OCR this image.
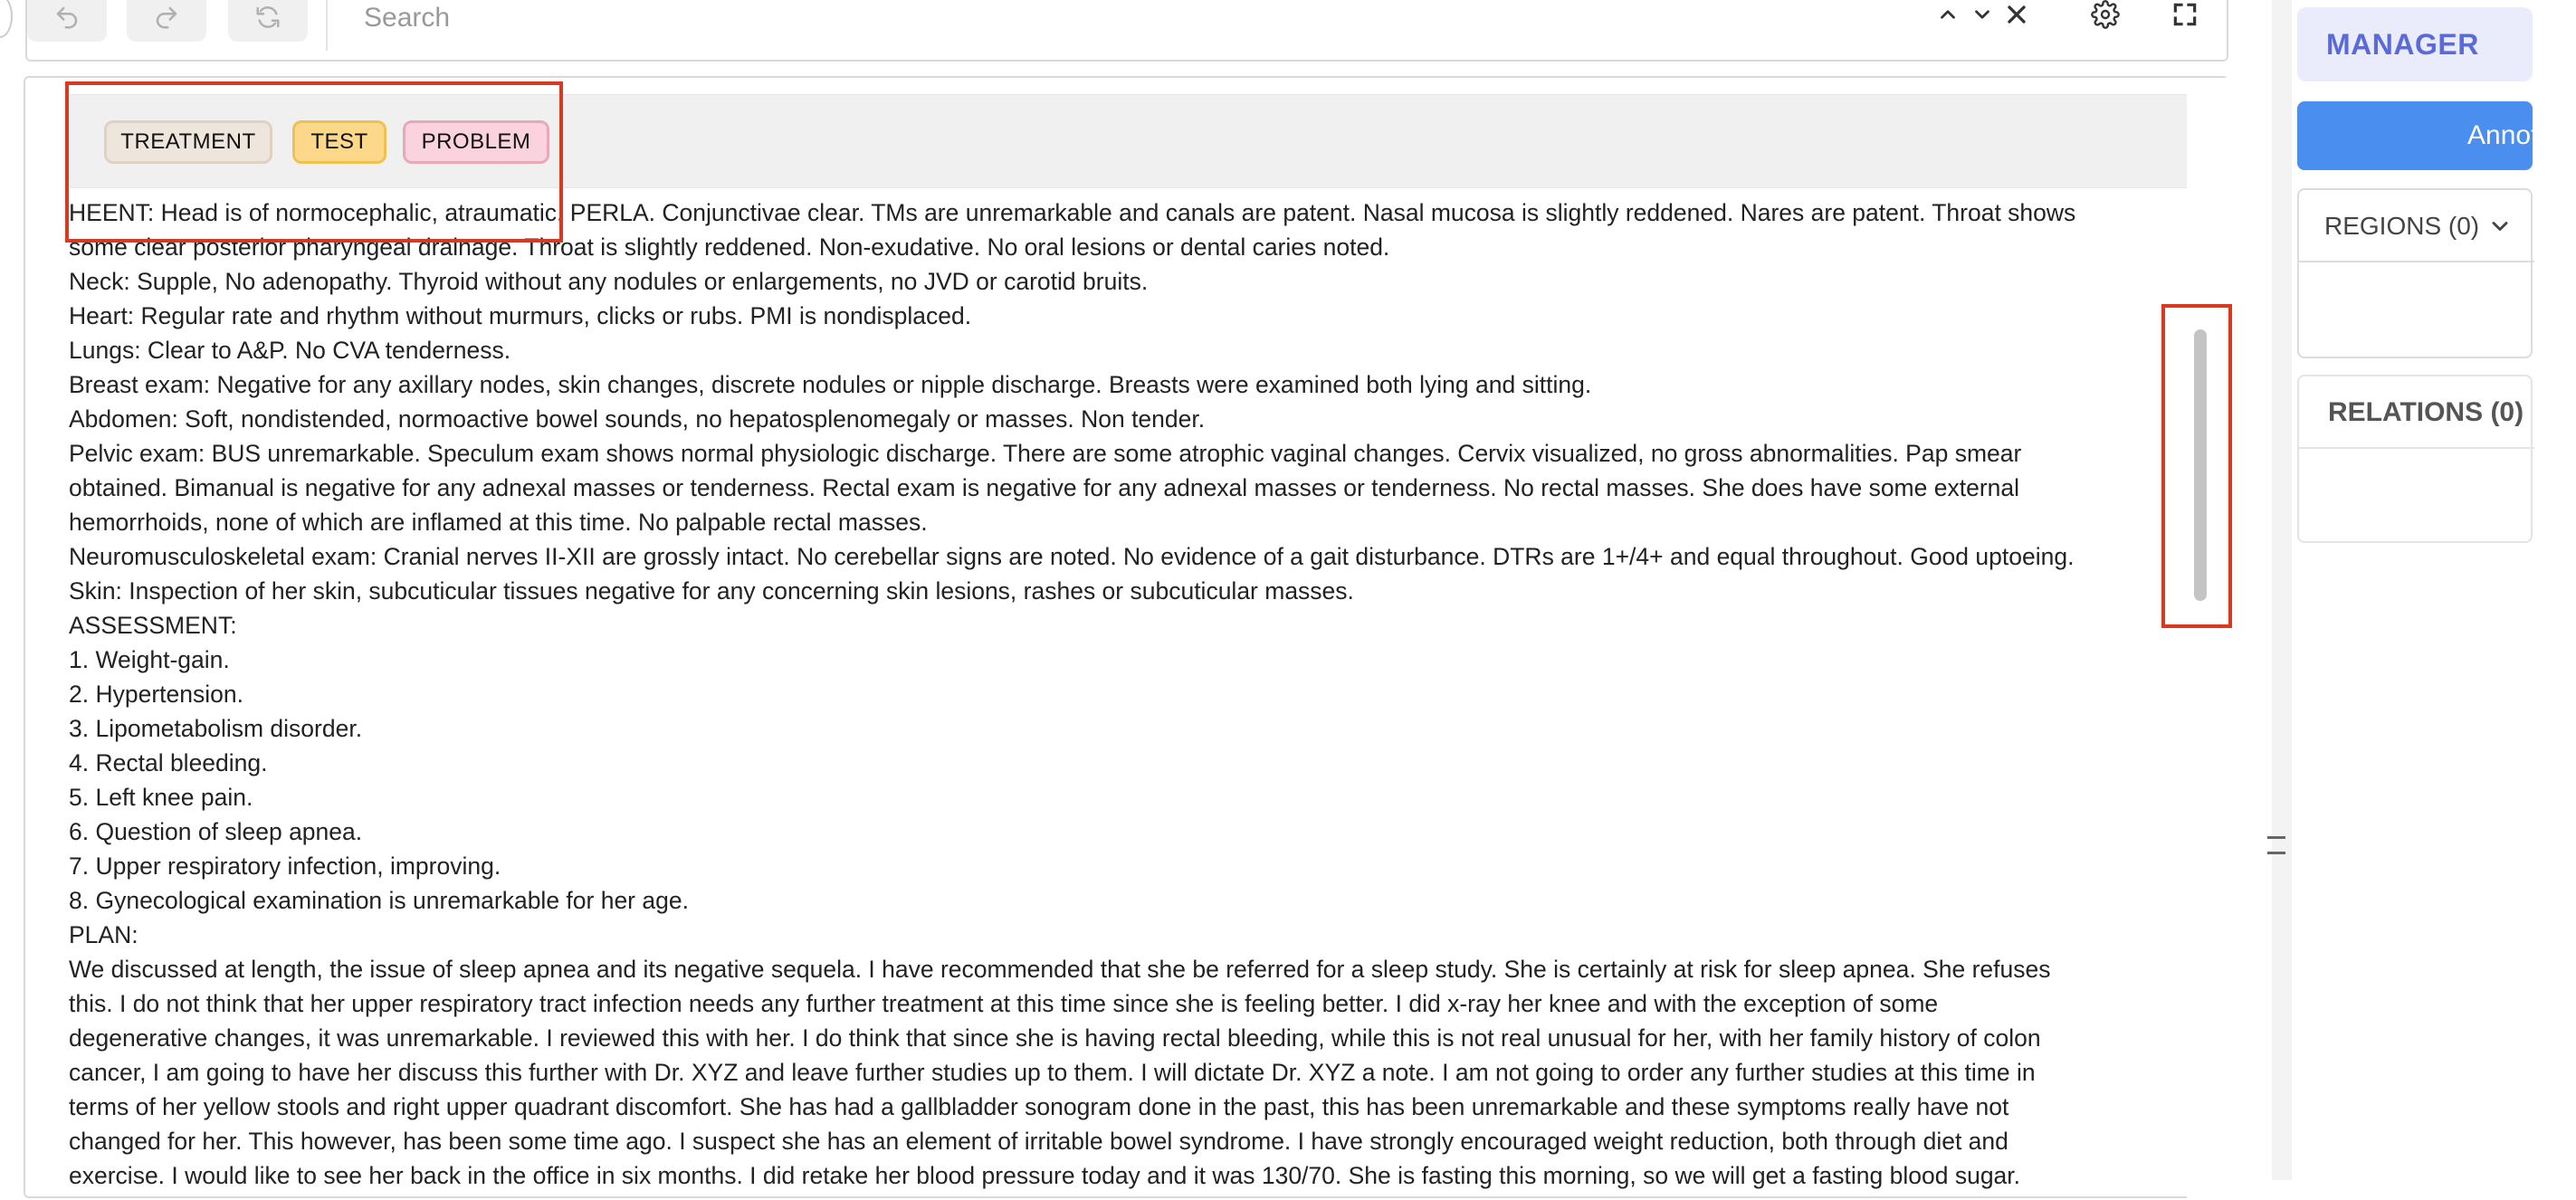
Search
TREATMENT	TEST	PROBLEM
HEENT: Head is of normocephalic, atraumatic. PERLA. Conjunctivae clear. TMs are unremarkable and canals are patent. Nasal mucosa is slightly reddened. Nares are patent. Throat shows
some clear posterior pharyngeal drainage. Throat is slightly reddened. Non-exudative. No oral lesions or dental caries noted.
Neck: Supple, No adenopathy. Thyroid without any nodules or enlargements, no JVD or carotid bruits.
Heart: Regular rate and rhythm without murmurs, clicks or rubs. PMI is nondisplaced.
Lungs: Clear to A&P. No CVA tenderness.
Breast exam: Negative for any axillary nodes, skin changes, discrete nodules or nipple discharge. Breasts were examined both lying and sitting.
Abdomen: Soft, nondistended, normoactive bowel sounds, no hepatosplenomegaly or masses. Non tender.
Pelvic exam: BUS unremarkable. Speculum exam shows normal physiologic discharge. There are some atrophic vaginal changes. Cervix visualized, no gross abnormalities. Pap smear
obtained. Bimanual is negative for any adnexal masses or tenderness. Rectal exam is negative for any adnexal masses or tenderness. No rectal masses. She does have some external
hemorrhoids, none of which are inflamed at this time. No palpable rectal masses.
Neuromusculoskeletal exam: Cranial nerves II-XII are grossly intact. No cerebellar signs are noted. No evidence of a gait disturbance. DTRs are 1+/4+ and equal throughout. Good uptoeing.
Skin: Inspection of her skin, subcuticular tissues negative for any concerning skin lesions, rashes or subcuticular masses.
ASSESSMENT:
1. Weight-gain.
2. Hypertension.
3. Lipometabolism disorder.
4. Rectal bleeding.
5. Left knee pain.
6. Question of sleep apnea.
7. Upper respiratory infection, improving.
8. Gynecological examination is unremarkable for her age.
PLAN:
We discussed at length, the issue of sleep apnea and its negative sequela. I have recommended that she be referred for a sleep study. She is certainly at risk for sleep apnea. She refuses
this. I do not think that her upper respiratory tract infection needs any further treatment at this time since she is feeling better. I did x-ray her knee and with the exception of some
degenerative changes, it was unremarkable. I reviewed this with her. I do think that since she is having rectal bleeding, while this is not real unusual for her, with her family history of colon
cancer, I am going to have her discuss this further with Dr. XYZ and leave further studies up to them. I will dictate Dr. XYZ a note. I am not going to order any further studies at this time in
terms of her yellow stools and right upper quadrant discomfort. She has had a gallbladder sonogram done in the past, this has been unremarkable and these symptoms really have not
changed for her. This however, has been some time ago. I suspect she has an element of irritable bowel syndrome. I have strongly encouraged weight reduction, both through diet and
exercise. I would like to see her back in the office in six months. I did retake her blood pressure today and it was 130/70. She is fasting this morning, so we will get a fasting blood sugar.
MANAGER
Annotate
REGIONS (0)
RELATIONS (0)
